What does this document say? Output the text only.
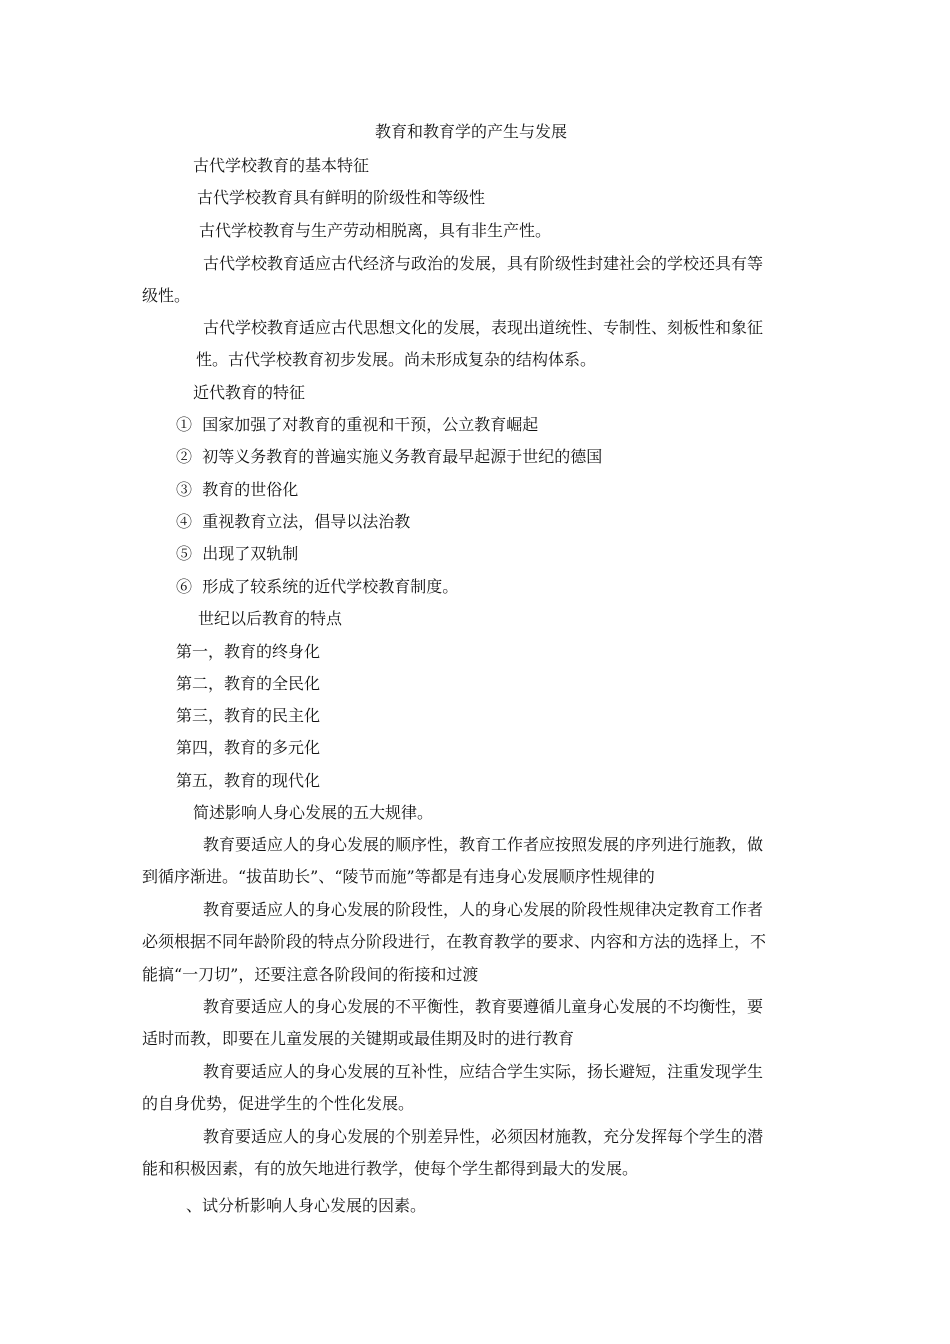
教育和教育学的产生与发展
古代学校教育的基本特征
古代学校教育具有鲜明的阶级性和等级性
古代学校教育与生产劳动相脱离，具有非生产性。
古代学校教育适应古代经济与政治的发展，具有阶级性封建社会的学校还具有等
级性。
古代学校教育适应古代思想文化的发展，表现出道统性、专制性、刻板性和象征
性。古代学校教育初步发展。尚未形成复杂的结构体系。
近代教育的特征
① 国家加强了对教育的重视和干预，公立教育崛起
② 初等义务教育的普遍实施义务教育最早起源于世纪的德国
③ 教育的世俗化
④ 重视教育立法，倡导以法治教
⑤ 出现了双轨制
⑥ 形成了较系统的近代学校教育制度。
世纪以后教育的特点
第一，教育的终身化
第二，教育的全民化
第三，教育的民主化
第四，教育的多元化
第五，教育的现代化
简述影响人身心发展的五大规律。
教育要适应人的身心发展的顺序性，教育工作者应按照发展的序列进行施教，做
到循序渐进。“拔苗助长”、“陵节而施”等都是有违身心发展顺序性规律的
教育要适应人的身心发展的阶段性，人的身心发展的阶段性规律决定教育工作者
必须根据不同年龄阶段的特点分阶段进行，在教育教学的要求、内容和方法的选择上，不
能搞“一刀切”，还要注意各阶段间的衔接和过渡
教育要适应人的身心发展的不平衡性，教育要遵循儿童身心发展的不均衡性，要
适时而教，即要在儿童发展的关键期或最佳期及时的进行教育
教育要适应人的身心发展的互补性，应结合学生实际，扬长避短，注重发现学生
的自身优势，促进学生的个性化发展。
教育要适应人的身心发展的个别差异性，必须因材施教，充分发挥每个学生的潜
能和积极因素，有的放矢地进行教学，使每个学生都得到最大的发展。
、试分析影响人身心发展的因素。
